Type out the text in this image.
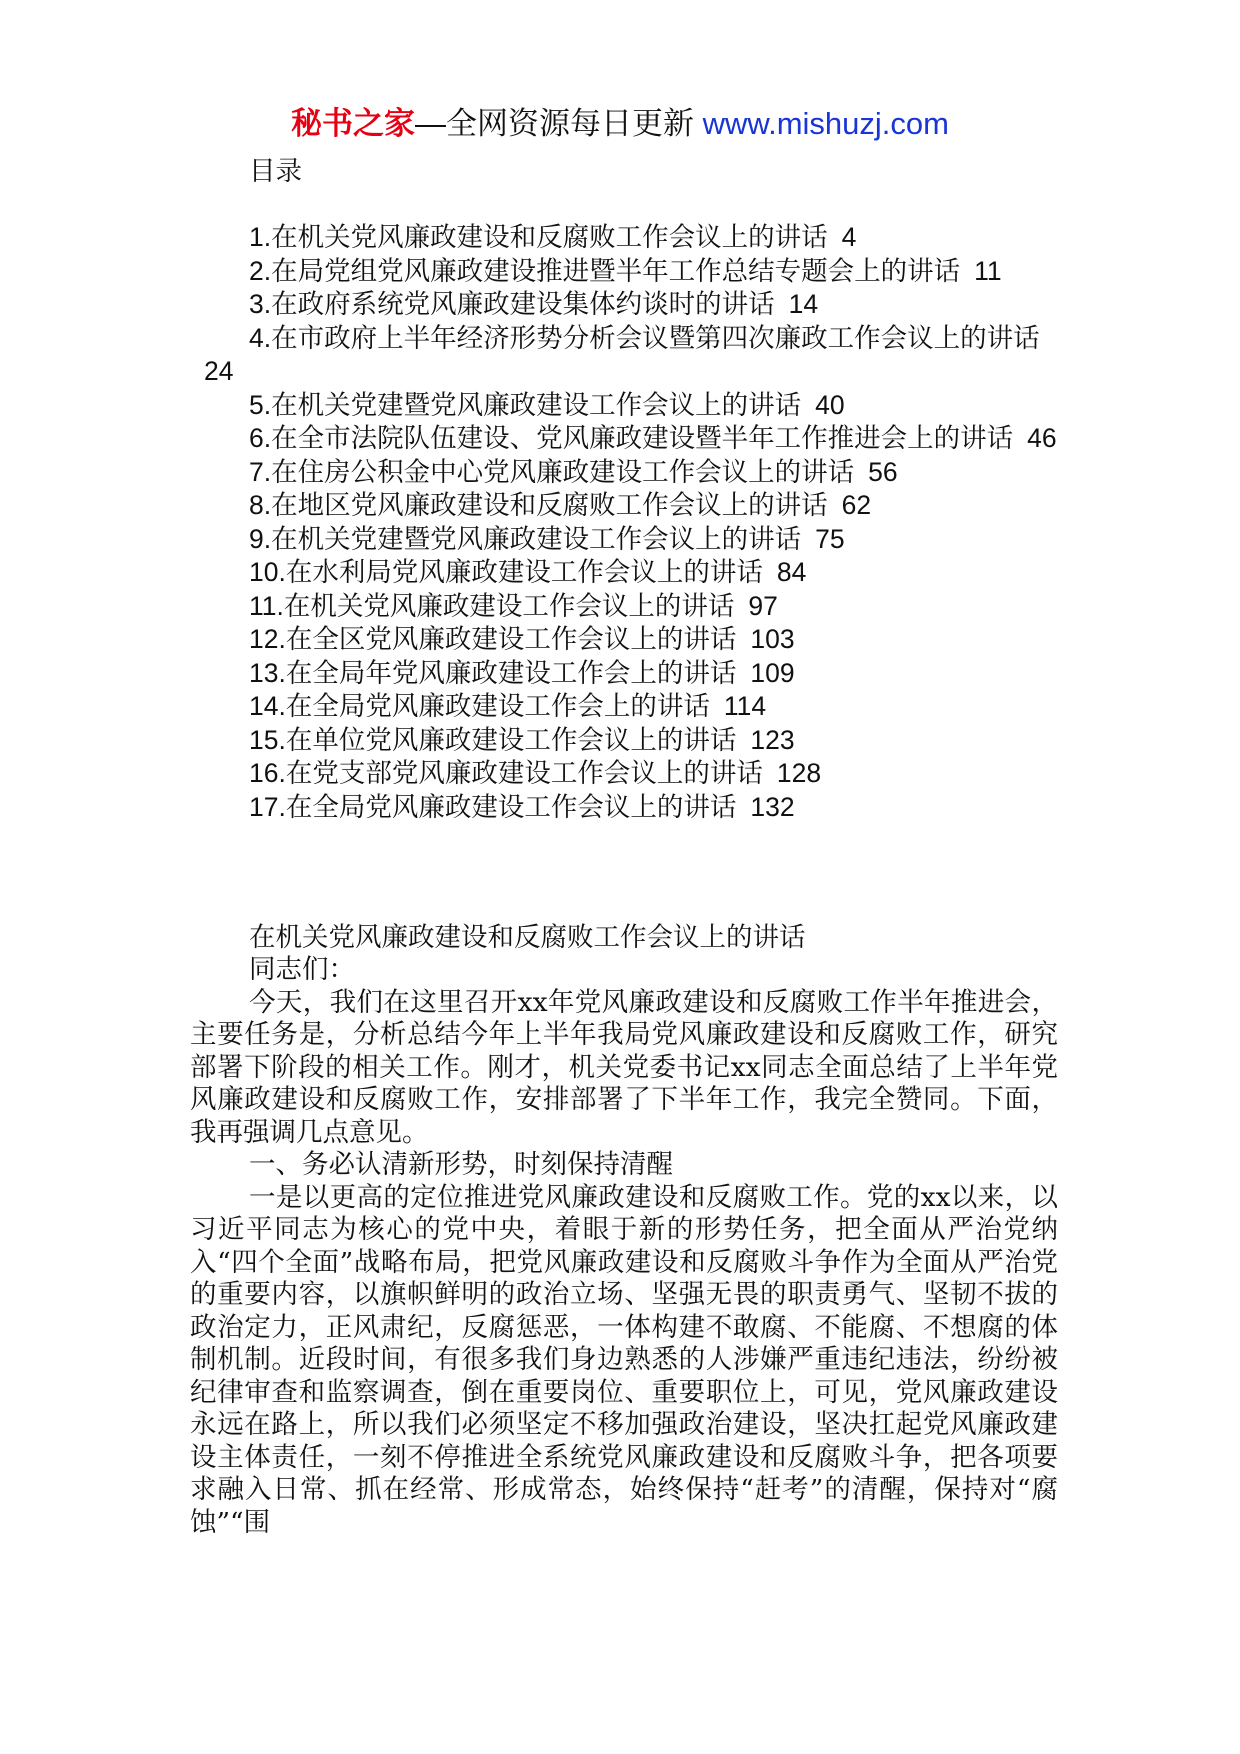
秘书之家—全网资源每日更新 www.mishuzj.com

目录

1.在机关党风廉政建设和反腐败工作会议上的讲话 4

2.在局党组党风廉政建设推进暨半年工作总结专题会上的讲话 11

3.在政府系统党风廉政建设集体约谈时的讲话 14

4.在市政府上半年经济形势分析会议暨第四次廉政工作会议上的讲话24

5.在机关党建暨党风廉政建设工作会议上的讲话 40

6.在全市法院队伍建设、党风廉政建设暨半年工作推进会上的讲话 46

7.在住房公积金中心党风廉政建设工作会议上的讲话 56

8.在地区党风廉政建设和反腐败工作会议上的讲话 62

9.在机关党建暨党风廉政建设工作会议上的讲话 75

10.在水利局党风廉政建设工作会议上的讲话 84

11.在机关党风廉政建设工作会议上的讲话 97

12.在全区党风廉政建设工作会议上的讲话 103

13.在全局年党风廉政建设工作会上的讲话 109

14.在全局党风廉政建设工作会上的讲话 114

15.在单位党风廉政建设工作会议上的讲话 123

16.在党支部党风廉政建设工作会议上的讲话 128

17.在全局党风廉政建设工作会议上的讲话 132

在机关党风廉政建设和反腐败工作会议上的讲话

同志们：

今天，我们在这里召开xx年党风廉政建设和反腐败工作半年推进会，主要任务是，分析总结今年上半年我局党风廉政建设和反腐败工作，研究部署下阶段的相关工作。刚才，机关党委书记xx同志全面总结了上半年党风廉政建设和反腐败工作，安排部署了下半年工作，我完全赞同。下面，我再强调几点意见。

一、务必认清新形势，时刻保持清醒

一是以更高的定位推进党风廉政建设和反腐败工作。党的xx以来，以习近平同志为核心的党中央，着眼于新的形势任务，把全面从严治党纳入“四个全面”战略布局，把党风廉政建设和反腐败斗争作为全面从严治党的重要内容，以旗帜鲜明的政治立场、坚强无畏的职责勇气、坚韧不拔的政治定力，正风肃纪，反腐惩恶，一体构建不敢腐、不能腐、不想腐的体制机制。近段时间，有很多我们身边熟悉的人涉嫌严重违纪违法，纷纷被纪律审查和监察调查，倒在重要岗位、重要职位上，可见，党风廉政建设永远在路上，所以我们必须坚定不移加强政治建设，坚决扛起党风廉政建设主体责任，一刻不停推进全系统党风廉政建设和反腐败斗争，把各项要求融入日常、抓在经常、形成常态，始终保持“赶考”的清醒，保持对“腐蚀”“围
